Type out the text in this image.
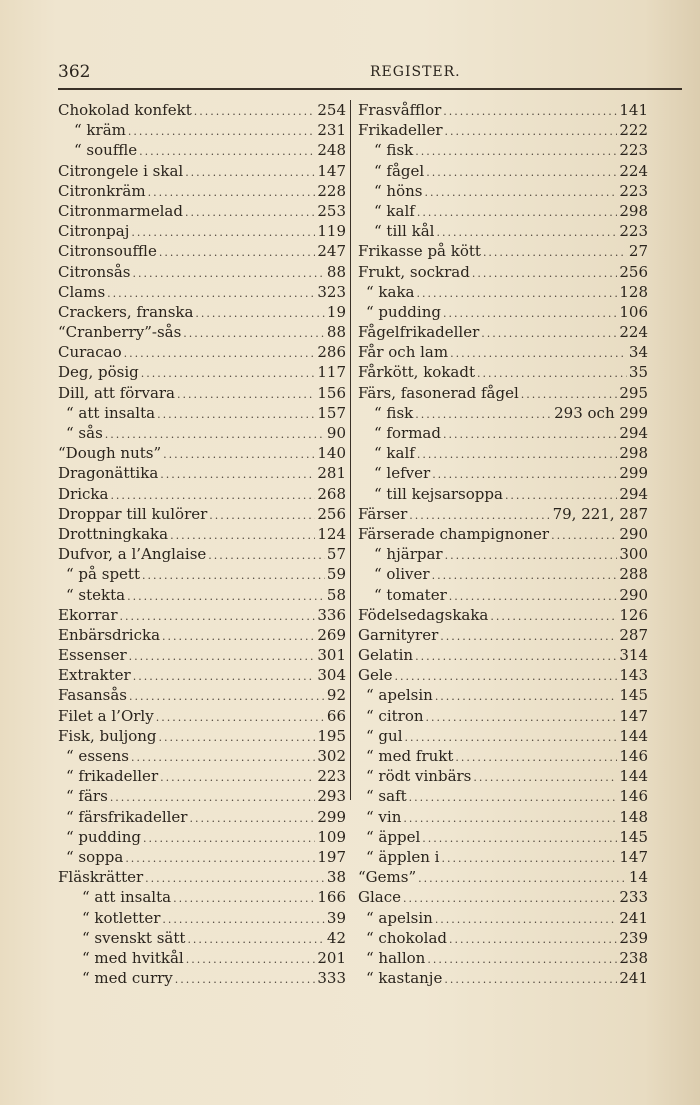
362	REGISTER.
Chokolad konfekt .....	254
“ kräm .....	231
“ souffle .....	248
Citrongele i skal .....	147
Citronkräm .....	228
Citronmarmelad .....	253
Citronpaj .....	119
Citronsouffle .....	247
Citronsås .....	88
Clams .....	323
Crackers, franska .....	19
“Cranberry”-sås .....	88
Curacao .....	286
Deg, pösig .....	117
Dill, att förvara .....	156
“ att insalta .....	157
“ sås .....	90
“Dough nuts” .....	140
Dragonättika .....	281
Dricka .....	268
Droppar till kulörer .....	256
Drottningkaka .....	124
Dufvor, a l’Anglaise .....	57
“ på spett .....	59
“ stekta .....	58
Ekorrar .....	336
Enbärsdricka .....	269
Essenser .....	301
Extrakter .....	304
Fasansås .....	92
Filet a l’Orly .....	66
Fisk, buljong .....	195
“ essens .....	302
“ frikadeller .....	223
“ färs .....	293
“ färsfrikadeller .....	299
“ pudding .....	109
“ soppa .....	197
Fläskrätter .....	38
“ att insalta .....	166
“ kotletter .....	39
“ svenskt sätt .....	42
“ med hvitkål .....	201
“ med curry .....	333
Frasvåfflor .....	141
Frikadeller .....	222
“ fisk .....	223
“ fågel .....	224
“ höns .....	223
“ kalf .....	298
“ till kål .....	223
Frikasse på kött .....	27
Frukt, sockrad .....	256
“ kaka .....	128
“ pudding .....	106
Fågelfrikadeller .....	224
Får och lam .....	34
Fårkött, kokadt .....	35
Färs, fasonerad fågel .....	295
“ fisk .....	293 och 299
“ formad .....	294
“ kalf .....	298
“ lefver .....	299
“ till kejsarsoppa .....	294
Färser .....	79, 221, 287
Färserade champignoner .....	290
“ hjärpar .....	300
“ oliver .....	288
“ tomater .....	290
Födelsedagskaka .....	126
Garnityrer .....	287
Gelatin .....	314
Gele .....	143
“ apelsin .....	145
“ citron .....	147
“ gul .....	144
“ med frukt .....	146
“ rödt vinbärs .....	144
“ saft .....	146
“ vin .....	148
“ äppel .....	145
“ äpplen i .....	147
“Gems” .....	14
Glace .....	233
“ apelsin .....	241
“ chokolad .....	239
“ hallon .....	238
“ kastanje .....	241
